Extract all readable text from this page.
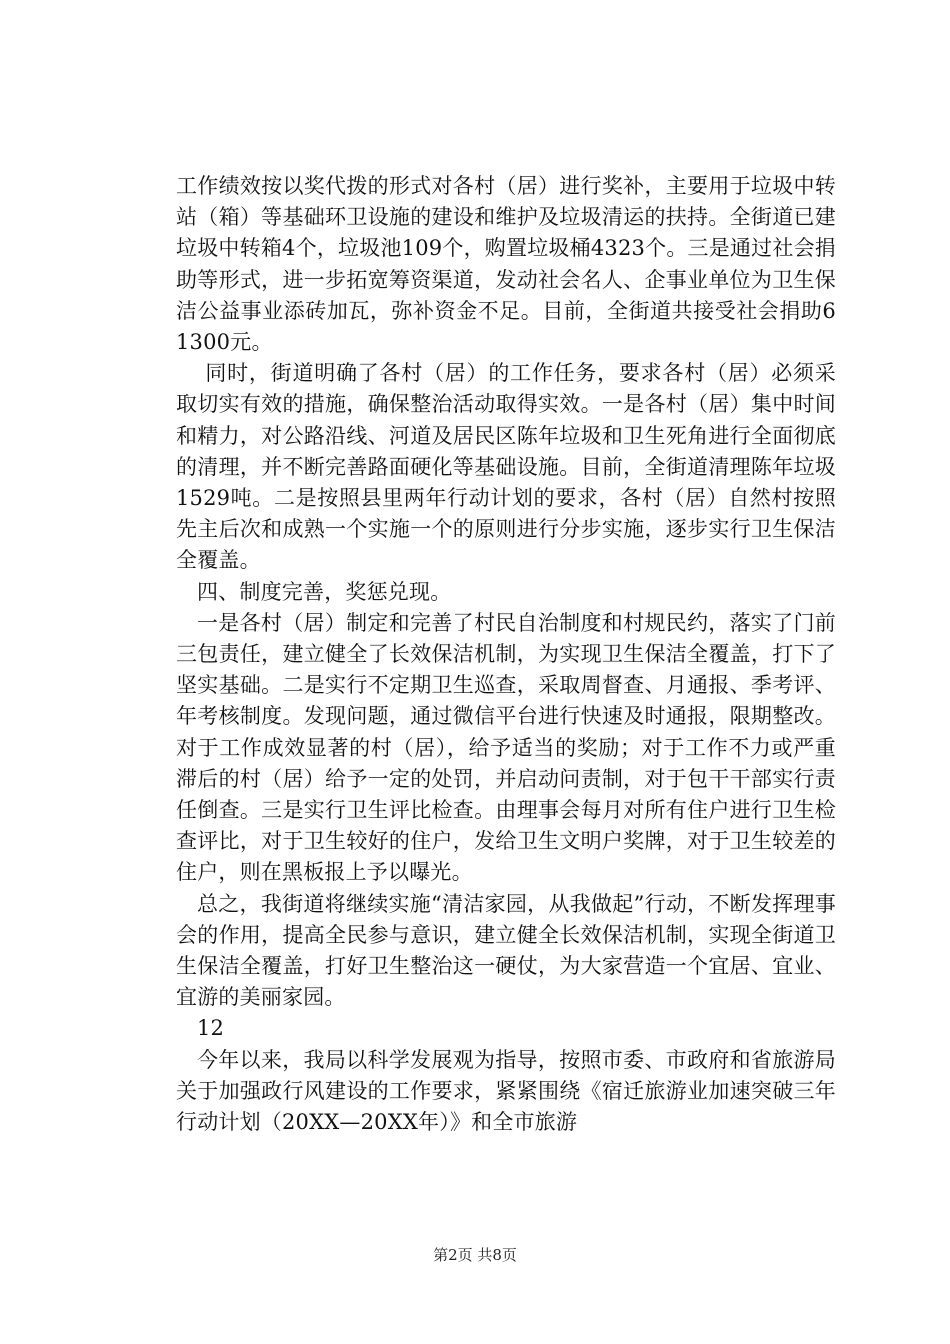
工作绩效按以奖代拨的形式对各村（居）进行奖补，主要用于垃圾中转站（箱）等基础环卫设施的建设和维护及垃圾清运的扶持。全街道已建垃圾中转箱4个，垃圾池109个，购置垃圾桶4323个。三是通过社会捐助等形式，进一步拓宽筹资渠道，发动社会名人、企事业单位为卫生保洁公益事业添砖加瓦，弥补资金不足。目前，全街道共接受社会捐助61300元。

同时，街道明确了各村（居）的工作任务，要求各村（居）必须采取切实有效的措施，确保整治活动取得实效。一是各村（居）集中时间和精力，对公路沿线、河道及居民区陈年垃圾和卫生死角进行全面彻底的清理，并不断完善路面硬化等基础设施。目前，全街道清理陈年垃圾1529吨。二是按照县里两年行动计划的要求，各村（居）自然村按照先主后次和成熟一个实施一个的原则进行分步实施，逐步实行卫生保洁全覆盖。

四、制度完善，奖惩兑现。

一是各村（居）制定和完善了村民自治制度和村规民约，落实了门前三包责任，建立健全了长效保洁机制，为实现卫生保洁全覆盖，打下了坚实基础。二是实行不定期卫生巡查，采取周督查、月通报、季考评、年考核制度。发现问题，通过微信平台进行快速及时通报，限期整改。对于工作成效显著的村（居），给予适当的奖励；对于工作不力或严重滞后的村（居）给予一定的处罚，并启动问责制，对于包干干部实行责任倒查。三是实行卫生评比检查。由理事会每月对所有住户进行卫生检查评比，对于卫生较好的住户，发给卫生文明户奖牌，对于卫生较差的住户，则在黑板报上予以曝光。

总之，我街道将继续实施“清洁家园，从我做起”行动，不断发挥理事会的作用，提高全民参与意识，建立健全长效保洁机制，实现全街道卫生保洁全覆盖，打好卫生整治这一硬仗，为大家营造一个宜居、宜业、宜游的美丽家园。

12

今年以来，我局以科学发展观为指导，按照市委、市政府和省旅游局关于加强政行风建设的工作要求，紧紧围绕《宿迁旅游业加速突破三年行动计划（20XX—20XX年）》和全市旅游

第2页 共8页
